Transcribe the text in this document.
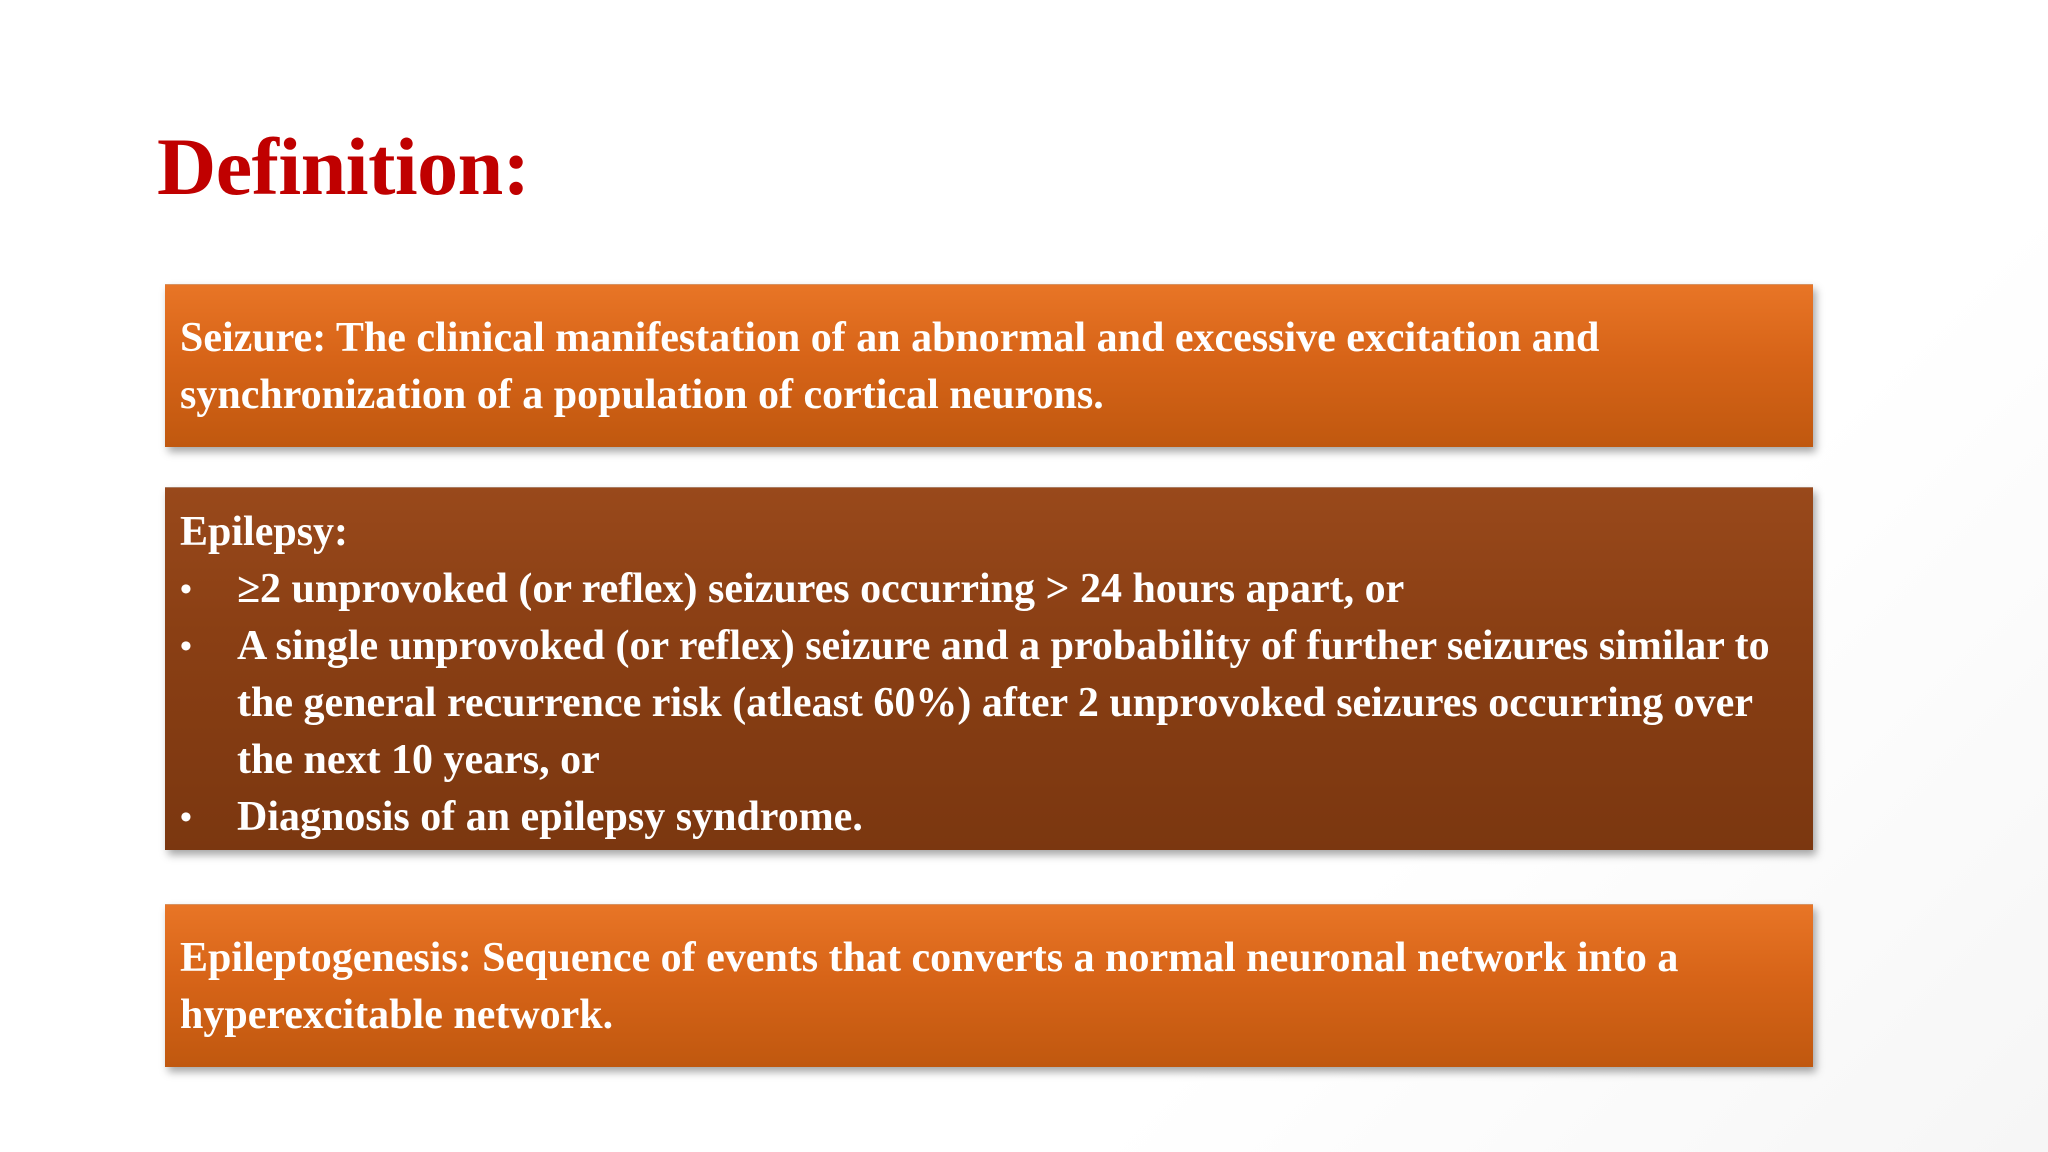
Definition:
Seizure: The clinical manifestation of an abnormal and excessive excitation and synchronization of a population of cortical neurons.
Epilepsy:
•	≥2 unprovoked (or reflex) seizures occurring > 24 hours apart, or
•	A single unprovoked (or reflex) seizure and a probability of further seizures similar to the general recurrence risk (atleast 60%) after 2 unprovoked seizures occurring over the next 10 years, or
•	Diagnosis of an epilepsy syndrome.
Epileptogenesis: Sequence of events that converts a normal neuronal network into a hyperexcitable network.
